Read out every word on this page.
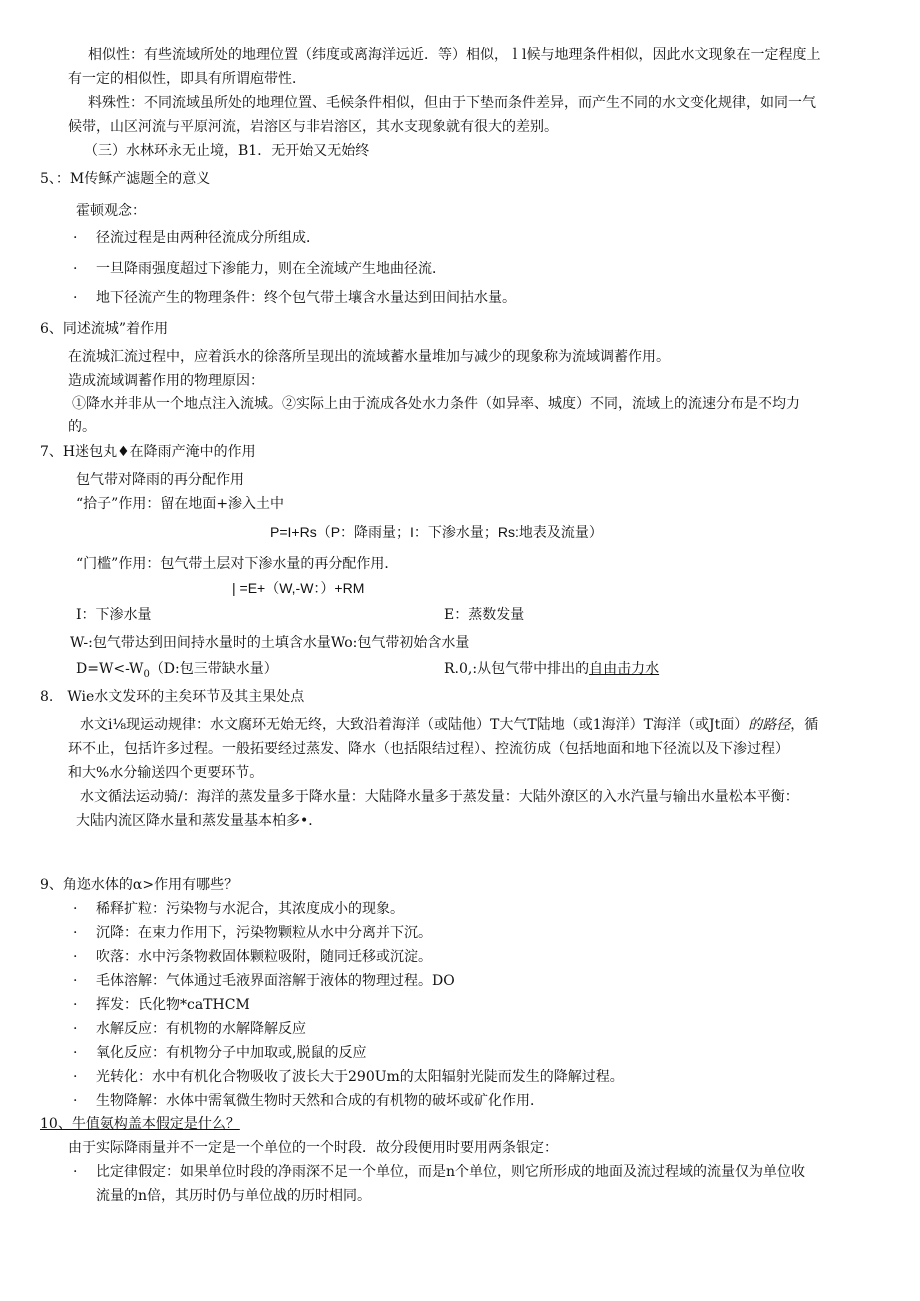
相似性：有些流域所处的地理位置（纬度或离海洋远近．等）相似，ｌl候与地理条件相似，因此水文现象在一定程度上
有一定的相似性，即具有所谓庖带性．
料殊性：不同流域虽所处的地理位置、毛候条件相似，但由于下垫而条件差异，而产生不同的水文变化规律，如同一气
候带，山区河流与平原河流，岩溶区与非岩溶区，其水支现象就有很大的差别。
（三）水林环永无止境，B1．无开始又无始终
5、：M传稣产滤题全的意义
霍顿观念：
· 径流过程是由两种径流成分所组成．
· 一旦降雨强度超过下渗能力，则在全流域产生地曲径流．
· 地下径流产生的物理条件：终个包气带土壤含水量达到田间拈水量。
6、同述流城”着作用
在流城汇流过程中，应着浜水的徐落所呈现出的流域蓄水量堆加与减少的现象称为流域调蓄作用。
造成流域调蓄作用的物理原因：
①降水并非从一个地点注入流城。②实际上由于流成各处水力条件（如异率、城度）不同，流域上的流速分布是不均力
的。
7、H迷包丸♦在降雨产淹中的作用
包气带对降雨的再分配作用
“拾子”作用：留在地面+渗入土中
P=I+Rs（P：降雨量；I：下渗水量；Rs:地表及流量）
“门槛”作用：包气带土层对下渗水量的再分配作用．
| =E+（W,-W：）+RM
I：下渗水量	E：蒸数发量
W-:包气带达到田间持水量时的土填含水量Wo:包气带初始含水量
$D=W<-W_0(D$:包三带缺水量）	R.0,:从包气带中排出的自由击力水
8.　Wie水文发环的主矣环节及其主果处点
水文i⅛现运动规律：水文腐环无始无终，大致沿着海洋（或陆他）T大气T陆地（或1海洋）T海洋（或Jt面）的路径，循
环不止，包括许多过程。一般拓要经过蒸发、降水（也括限结过程）、控流彷成（包括地面和地下径流以及下渗过程）
和大%水分输送四个更要环节。
水文循法运动骑/：海洋的蒸发量多于降水量：大陆降水量多于蒸发量：大陆外潦区的入水汽量与输出水量松本平衡：
大陆内流区降水量和蒸发量基本柏多•．
9、角迩水体的α>作用有哪些？
· 稀释扩粒：污染物与水泥合，其浓度成小的现象。
· 沉降：在束力作用下，污染物颗粒从水中分离并下沉。
· 吹落：水中污条物救固体颗粒吸附，随同迁移或沉淀。
· 毛体溶解：气体通过毛液界面溶解于液体的物理过程。DO
· 挥发：氏化物*caTHCM
· 水解反应：有机物的水解降解反应
· 氧化反应：有机物分子中加取或,脱鼠的反应
· 光转化：水中有机化合物吸收了波长大于290Um的太阳辐射光陡而发生的降解过程。
· 生物降解：水体中需氧微生物时天然和合成的有机物的破坏或矿化作用．
10、牛值氨构盖本假定是什么？
由于实际降雨量并不一定是一个单位的一个时段．故分段便用时要用两条银定：
· 比定律假定：如果单位时段的净雨深不足一个单位，而是n个单位，则它所形成的地面及流过程域的流量仅为单位收
流量的n倍，其历时仍与单位战的历时相同。
